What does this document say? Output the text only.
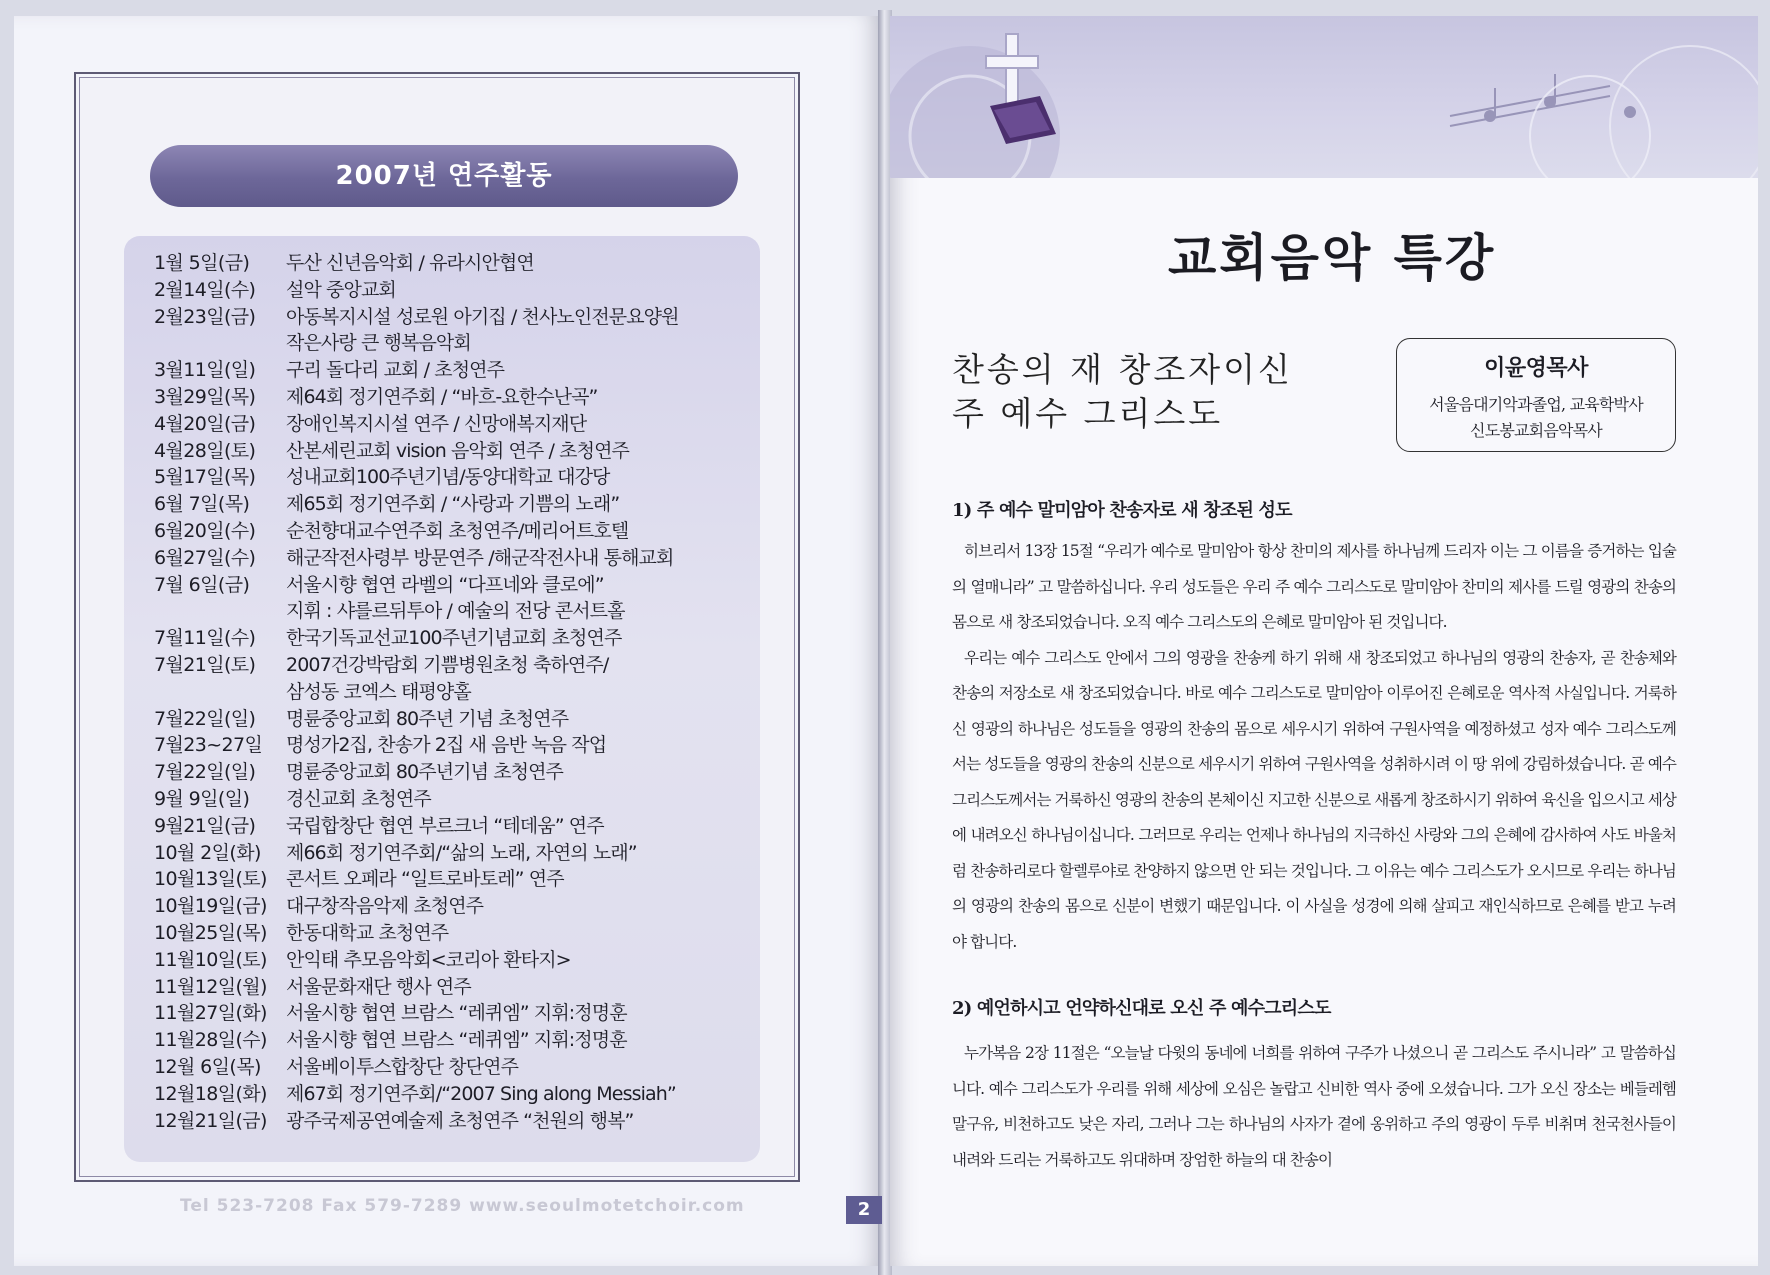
2007년 연주활동
1월 5일(금)	두산 신년음악회 / 유라시안협연
2월14일(수)	설악 중앙교회
2월23일(금)	아동복지시설 성로원 아기집 / 천사노인전문요양원
작은사랑 큰 행복음악회
3월11일(일)	구리 돌다리 교회 / 초청연주
3월29일(목)	제64회 정기연주회 / “바흐-요한수난곡”
4월20일(금)	장애인복지시설 연주 / 신망애복지재단
4월28일(토)	산본세린교회 vision 음악회 연주 / 초청연주
5월17일(목)	성내교회100주년기념/동양대학교 대강당
6월 7일(목)	제65회 정기연주회 / “사랑과 기쁨의 노래”
6월20일(수)	순천향대교수연주회 초청연주/메리어트호텔
6월27일(수)	해군작전사령부 방문연주 /해군작전사내 통해교회
7월 6일(금)	서울시향 협연 라벨의 “다프네와 클로에”
지휘 : 샤를르뒤투아 / 예술의 전당 콘서트홀
7월11일(수)	한국기독교선교100주년기념교회 초청연주
7월21일(토)	2007건강박람회 기쁨병원초청 축하연주/
삼성동 코엑스 태평양홀
7월22일(일)	명륜중앙교회 80주년 기념 초청연주
7월23~27일	명성가2집, 찬송가 2집 새 음반 녹음 작업
7월22일(일)	명륜중앙교회 80주년기념 초청연주
9월 9일(일)	경신교회 초청연주
9월21일(금)	국립합창단 협연 부르크너 “테데움” 연주
10월 2일(화)	제66회 정기연주회/“삶의 노래, 자연의 노래”
10월13일(토)	콘서트 오페라 “일트로바토레” 연주
10월19일(금)	대구창작음악제 초청연주
10월25일(목)	한동대학교 초청연주
11월10일(토)	안익태 추모음악회<코리아 환타지>
11월12일(월)	서울문화재단 행사 연주
11월27일(화)	서울시향 협연 브람스 “레퀴엠” 지휘:정명훈
11월28일(수)	서울시향 협연 브람스 “레퀴엠” 지휘:정명훈
12월 6일(목)	서울베이투스합창단 창단연주
12월18일(화)	제67회 정기연주회/“2007 Sing along Messiah”
12월21일(금)	광주국제공연예술제 초청연주 “천원의 행복”
Tel 523-7208 Fax 579-7289 www.seoulmotetchoir.com	2
교회음악 특강
찬송의 재 창조자이신
주 예수 그리스도
이윤영목사
서울음대기악과졸업, 교육학박사
신도봉교회음악목사
1) 주 예수 말미암아 찬송자로 새 창조된 성도

히브리서 13장 15절 “우리가 예수로 말미암아 항상 찬미의 제사를 하나님께 드리자 이는 그 이름을 증거하는 입술의 열매니라” 고 말씀하십니다. 우리 성도들은 우리 주 예수 그리스도로 말미암아 찬미의 제사를 드릴 영광의 찬송의 몸으로 새 창조되었습니다. 오직 예수 그리스도의 은혜로 말미암아 된 것입니다.

우리는 예수 그리스도 안에서 그의 영광을 찬송케 하기 위해 새 창조되었고 하나님의 영광의 찬송자, 곧 찬송체와 찬송의 저장소로 새 창조되었습니다. 바로 예수 그리스도로 말미암아 이루어진 은혜로운 역사적 사실입니다. 거룩하신 영광의 하나님은 성도들을 영광의 찬송의 몸으로 세우시기 위하여 구원사역을 예정하셨고 성자 예수 그리스도께서는 성도들을 영광의 찬송의 신분으로 세우시기 위하여 구원사역을 성취하시려 이 땅 위에 강림하셨습니다. 곧 예수 그리스도께서는 거룩하신 영광의 찬송의 본체이신 지고한 신분으로 새롭게 창조하시기 위하여 육신을 입으시고 세상에 내려오신 하나님이십니다. 그러므로 우리는 언제나 하나님의 지극하신 사랑와 그의 은혜에 감사하여 사도 바울처럼 찬송하리로다 할렐루야로 찬양하지 않으면 안 되는 것입니다. 그 이유는 예수 그리스도가 오시므로 우리는 하나님의 영광의 찬송의 몸으로 신분이 변했기 때문입니다. 이 사실을 성경에 의해 살피고 재인식하므로 은혜를 받고 누려야 합니다.

2) 예언하시고 언약하신대로 오신 주 예수그리스도

누가복음 2장 11절은 “오늘날 다윗의 동네에 너희를 위하여 구주가 나셨으니 곧 그리스도 주시니라” 고 말씀하십니다. 예수 그리스도가 우리를 위해 세상에 오심은 놀랍고 신비한 역사 중에 오셨습니다. 그가 오신 장소는 베들레헴 말구유, 비천하고도 낮은 자리, 그러나 그는 하나님의 사자가 곁에 옹위하고 주의 영광이 두루 비취며 천국천사들이 내려와 드리는 거룩하고도 위대하며 장엄한 하늘의 대 찬송이
